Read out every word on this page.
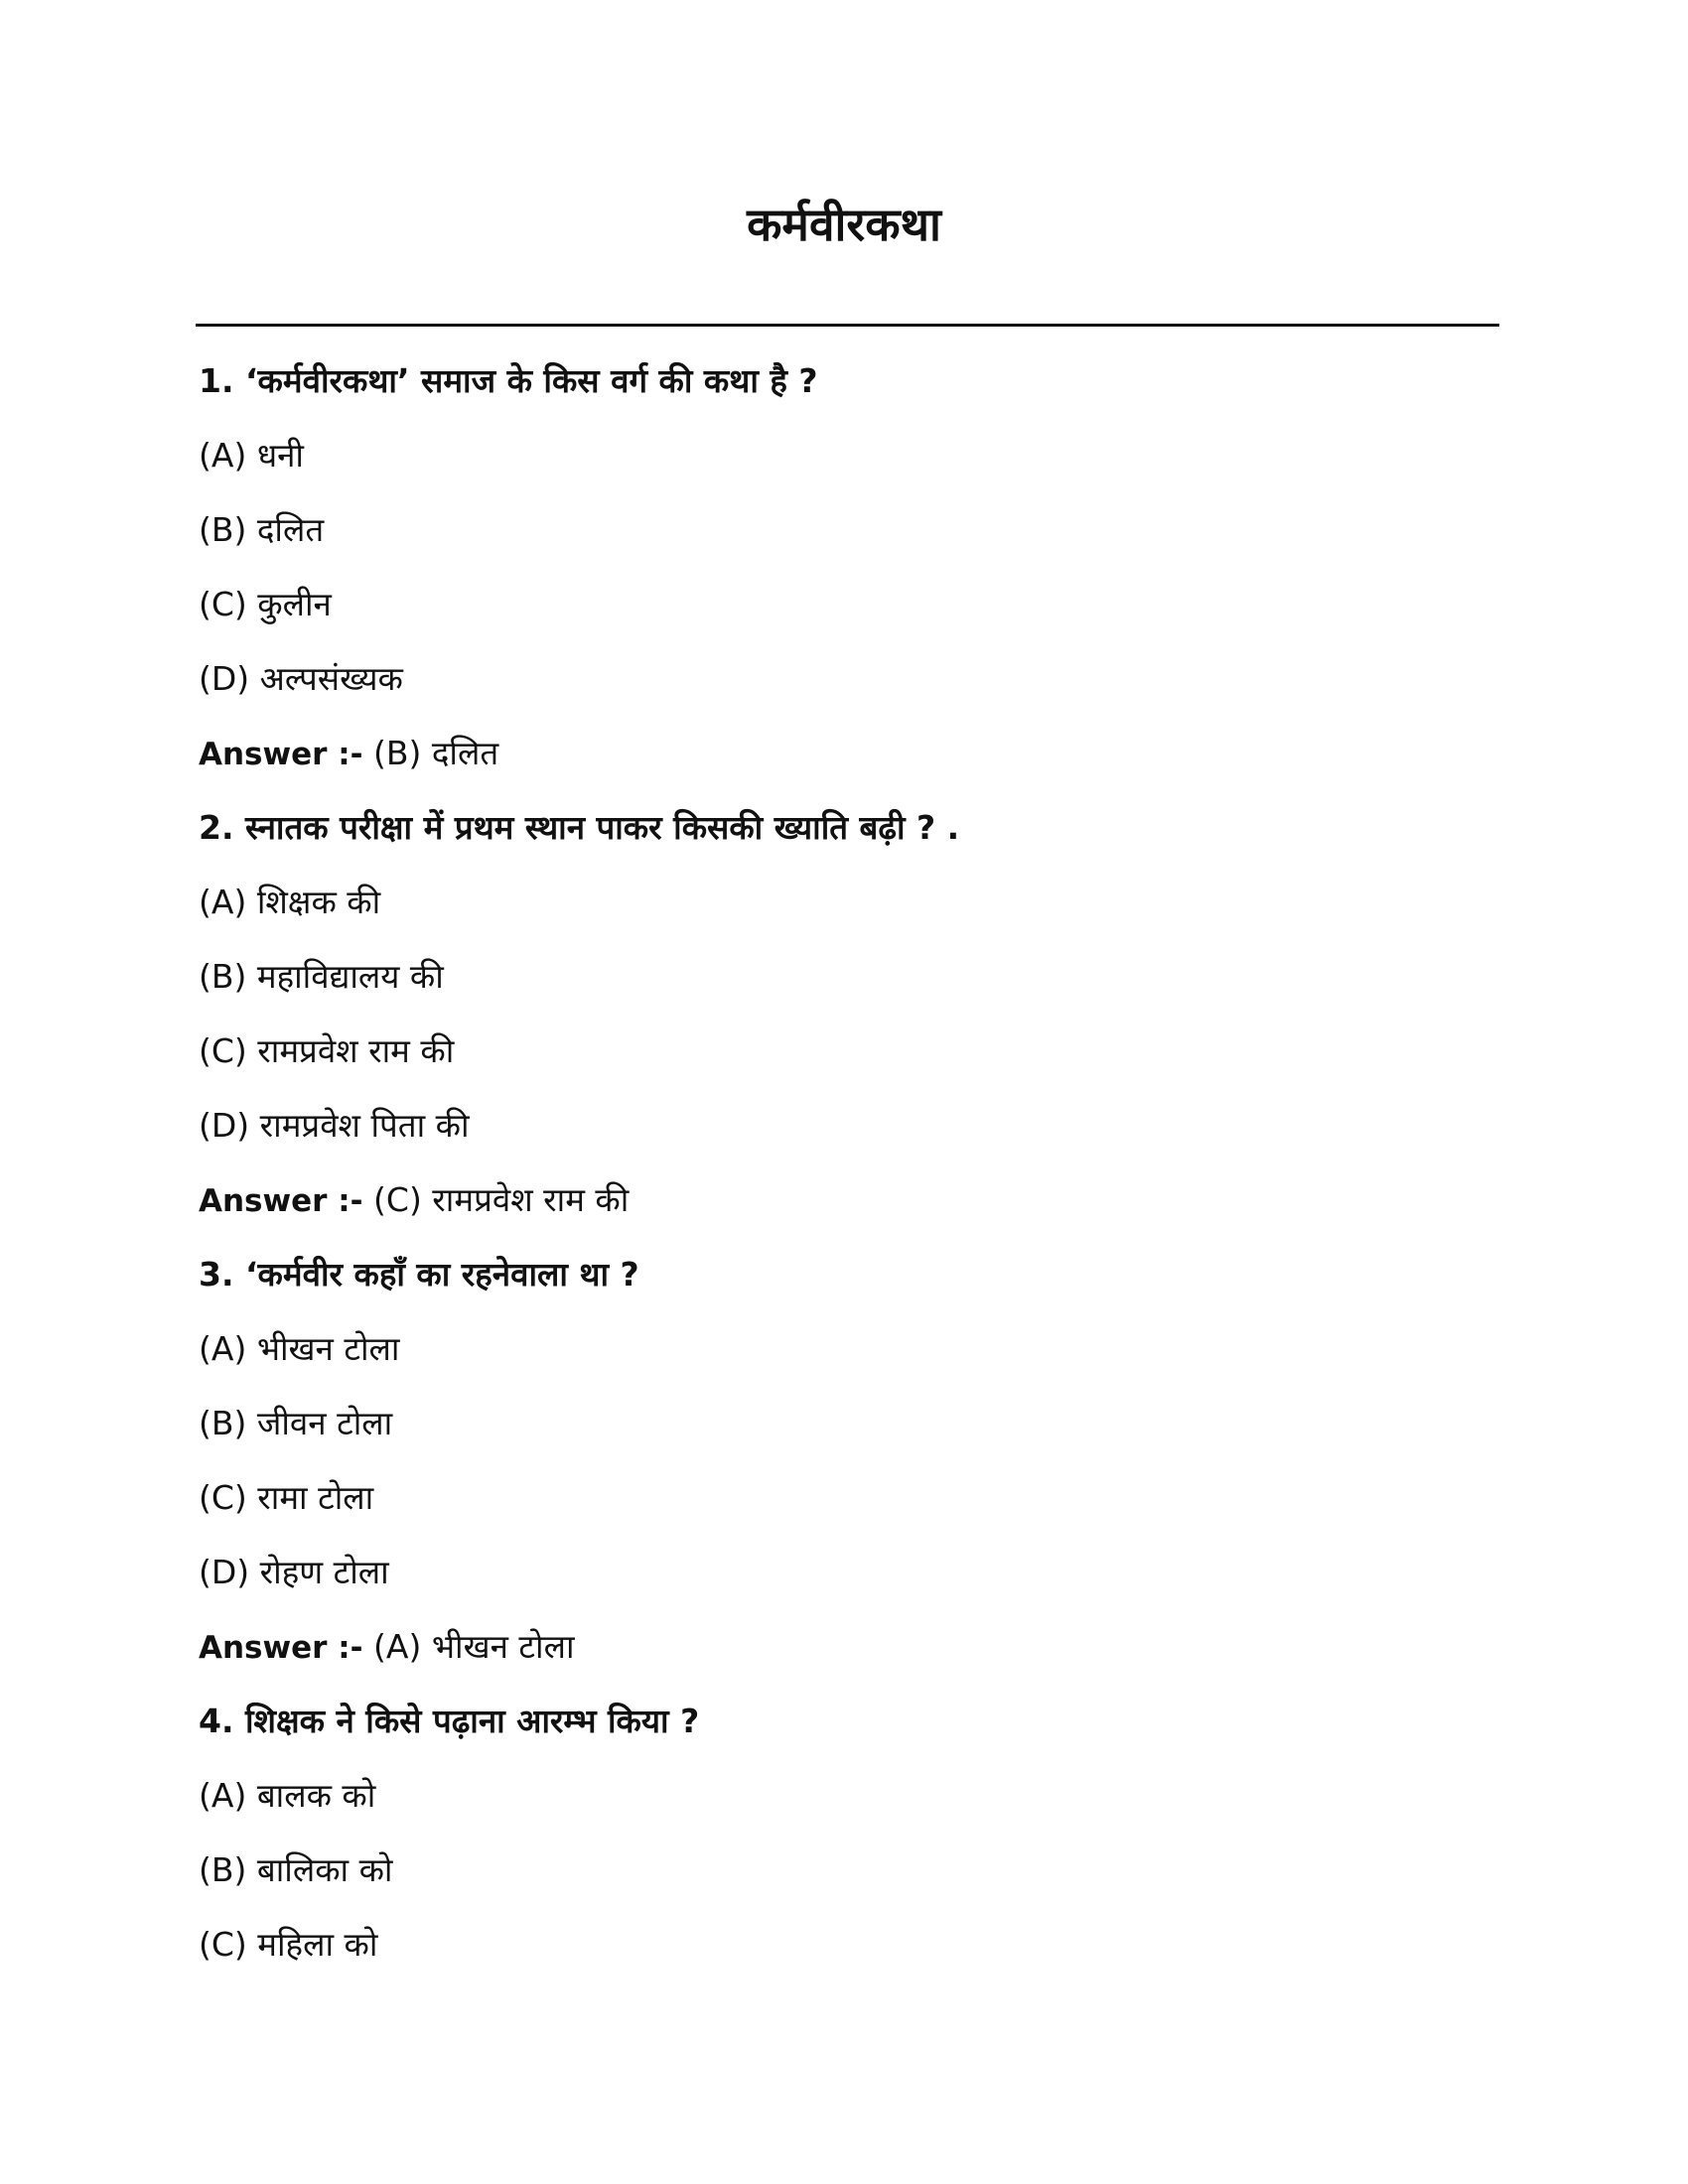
कर्मवीरकथा
1. ‘कर्मवीरकथा’ समाज के किस वर्ग की कथा है ?
(A) धनी
(B) दलित
(C) कुलीन
(D) अल्पसंख्यक
Answer :- (B) दलित
2. स्नातक परीक्षा में प्रथम स्थान पाकर किसकी ख्याति बढ़ी ? .
(A) शिक्षक की
(B) महाविद्यालय की
(C) रामप्रवेश राम की
(D) रामप्रवेश पिता की
Answer :- (C) रामप्रवेश राम की
3. ‘कर्मवीर कहाँ का रहनेवाला था ?
(A) भीखन टोला
(B) जीवन टोला
(C) रामा टोला
(D) रोहण टोला
Answer :- (A) भीखन टोला
4. शिक्षक ने किसे पढ़ाना आरम्भ किया ?
(A) बालक को
(B) बालिका को
(C) महिला को
